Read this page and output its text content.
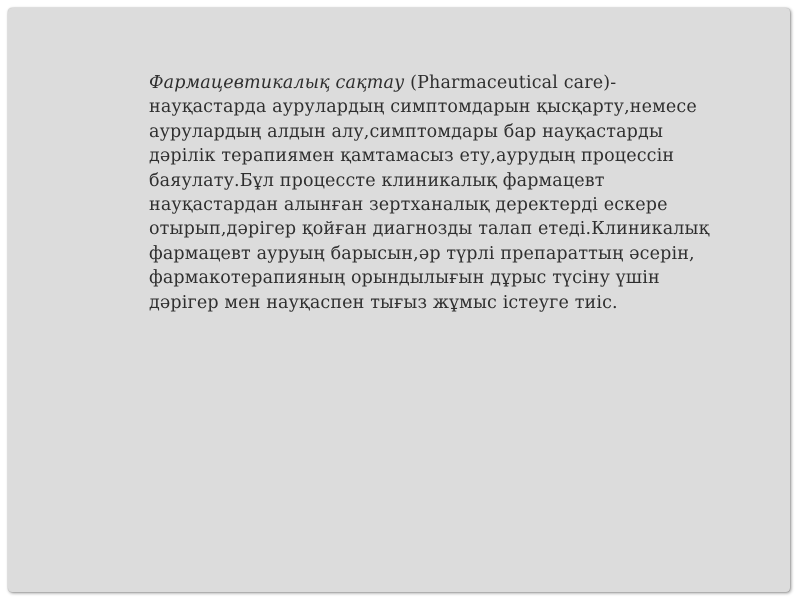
Фармацевтикалық сақтау (Pharmaceutical care)-
науқастарда аурулардың симптомдарын қысқарту,немесе
аурулардың алдын алу,симптомдары бар науқастарды
дәрілік терапиямен қамтамасыз ету,аурудың процессін
баяулату.Бұл процессте клиникалық фармацевт
науқастардан алынған зертханалық деректерді ескере
отырып,дәрігер қойған диагнозды талап етеді.Клиникалық
фармацевт ауруың барысын,әр түрлі препараттың әсерін,
фармакотерапияның орындылығын дұрыс түсіну үшін
дәрігер мен науқаспен тығыз жұмыс істеуге тиіс.
